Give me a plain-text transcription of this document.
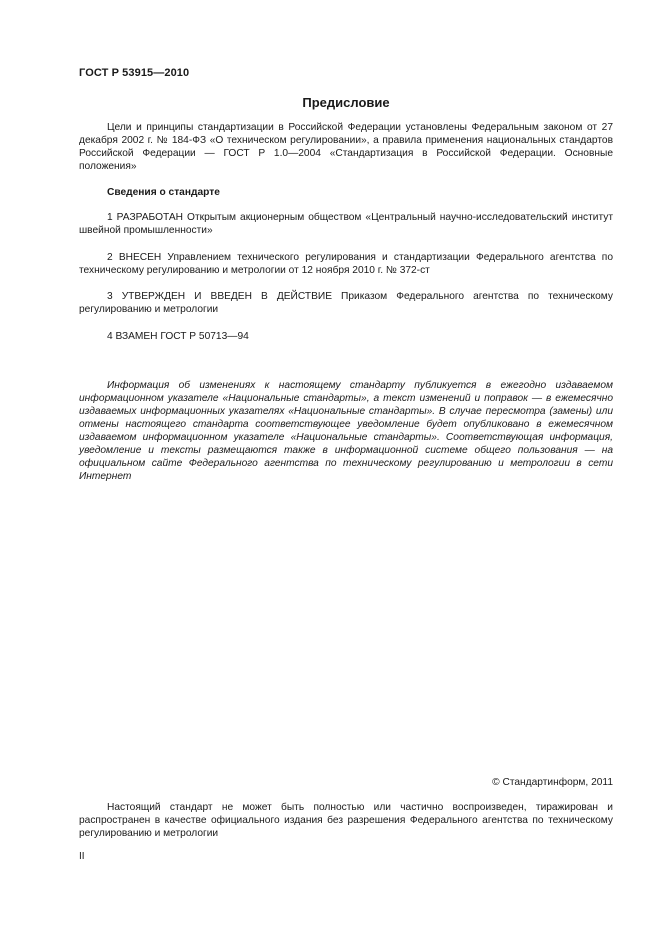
ГОСТ Р 53915—2010
Предисловие

Цели и принципы стандартизации в Российской Федерации установлены Федеральным законом от 27 декабря 2002 г. № 184-ФЗ «О техническом регулировании», а правила применения национальных стандартов Российской Федерации — ГОСТ Р 1.0—2004 «Стандартизация в Российской Федерации. Основные положения»

Сведения о стандарте

1 РАЗРАБОТАН Открытым акционерным обществом «Центральный научно-исследовательский институт швейной промышленности»

2 ВНЕСЕН Управлением технического регулирования и стандартизации Федерального агентства по техническому регулированию и метрологии от 12 ноября 2010 г. № 372-ст

3 УТВЕРЖДЕН И ВВЕДЕН В ДЕЙСТВИЕ Приказом Федерального агентства по техническому регулированию и метрологии

4 ВЗАМЕН ГОСТ Р 50713—94

Информация об изменениях к настоящему стандарту публикуется в ежегодно издаваемом информационном указателе «Национальные стандарты», а текст изменений и поправок — в ежемесячно издаваемых информационных указателях «Национальные стандарты». В случае пересмотра (замены) или отмены настоящего стандарта соответствующее уведомление будет опубликовано в ежемесячном издаваемом информационном указателе «Национальные стандарты». Соответствующая информация, уведомление и тексты размещаются также в информационной системе общего пользования — на официальном сайте Федерального агентства по техническому регулированию и метрологии в сети Интернет

© Стандартинформ, 2011

Настоящий стандарт не может быть полностью или частично воспроизведен, тиражирован и распространен в качестве официального издания без разрешения Федерального агентства по техническому регулированию и метрологии

II
